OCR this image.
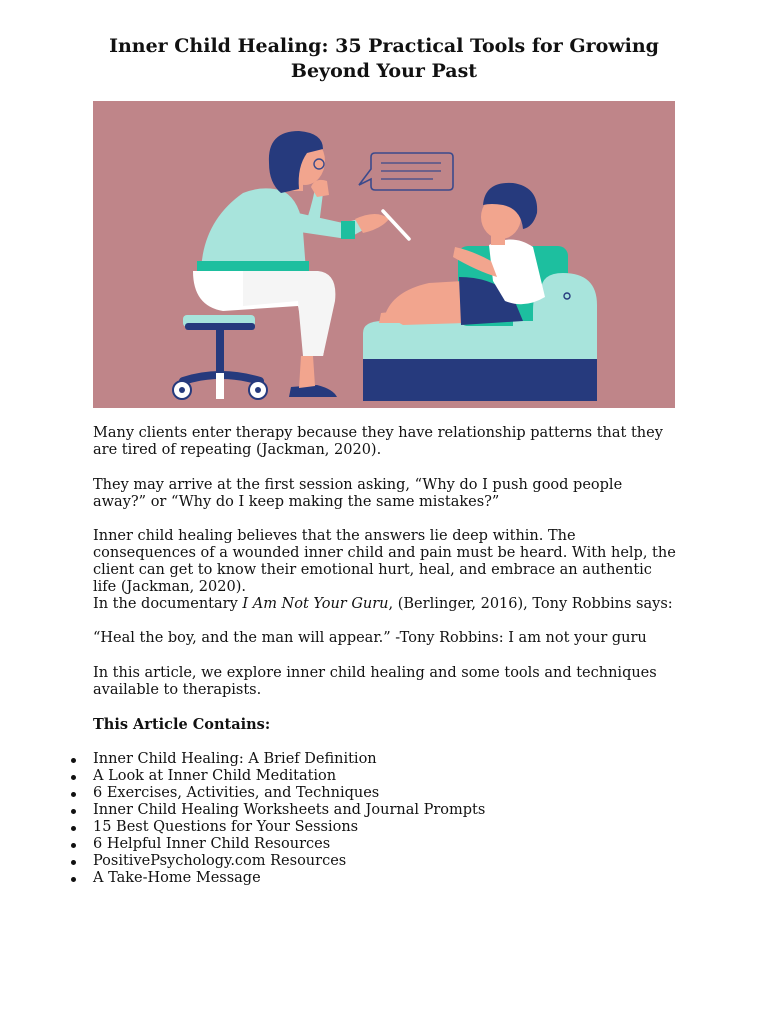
Inner Child Healing: 35 Practical Tools for Growing
Beyond Your Past

Many clients enter therapy because they have relationship patterns that they are tired of repeating (Jackman, 2020).

They may arrive at the first session asking, “Why do I push good people away?” or “Why do I keep making the same mistakes?”

Inner child healing believes that the answers lie deep within. The consequences of a wounded inner child and pain must be heard. With help, the client can get to know their emotional hurt, heal, and embrace an authentic life (Jackman, 2020).

In the documentary I Am Not Your Guru, (Berlinger, 2016), Tony Robbins says:

“Heal the boy, and the man will appear.” -Tony Robbins: I am not your guru

In this article, we explore inner child healing and some tools and techniques available to therapists.

This Article Contains:

Inner Child Healing: A Brief Definition
A Look at Inner Child Meditation
6 Exercises, Activities, and Techniques
Inner Child Healing Worksheets and Journal Prompts
15 Best Questions for Your Sessions
6 Helpful Inner Child Resources
PositivePsychology.com Resources
A Take-Home Message
